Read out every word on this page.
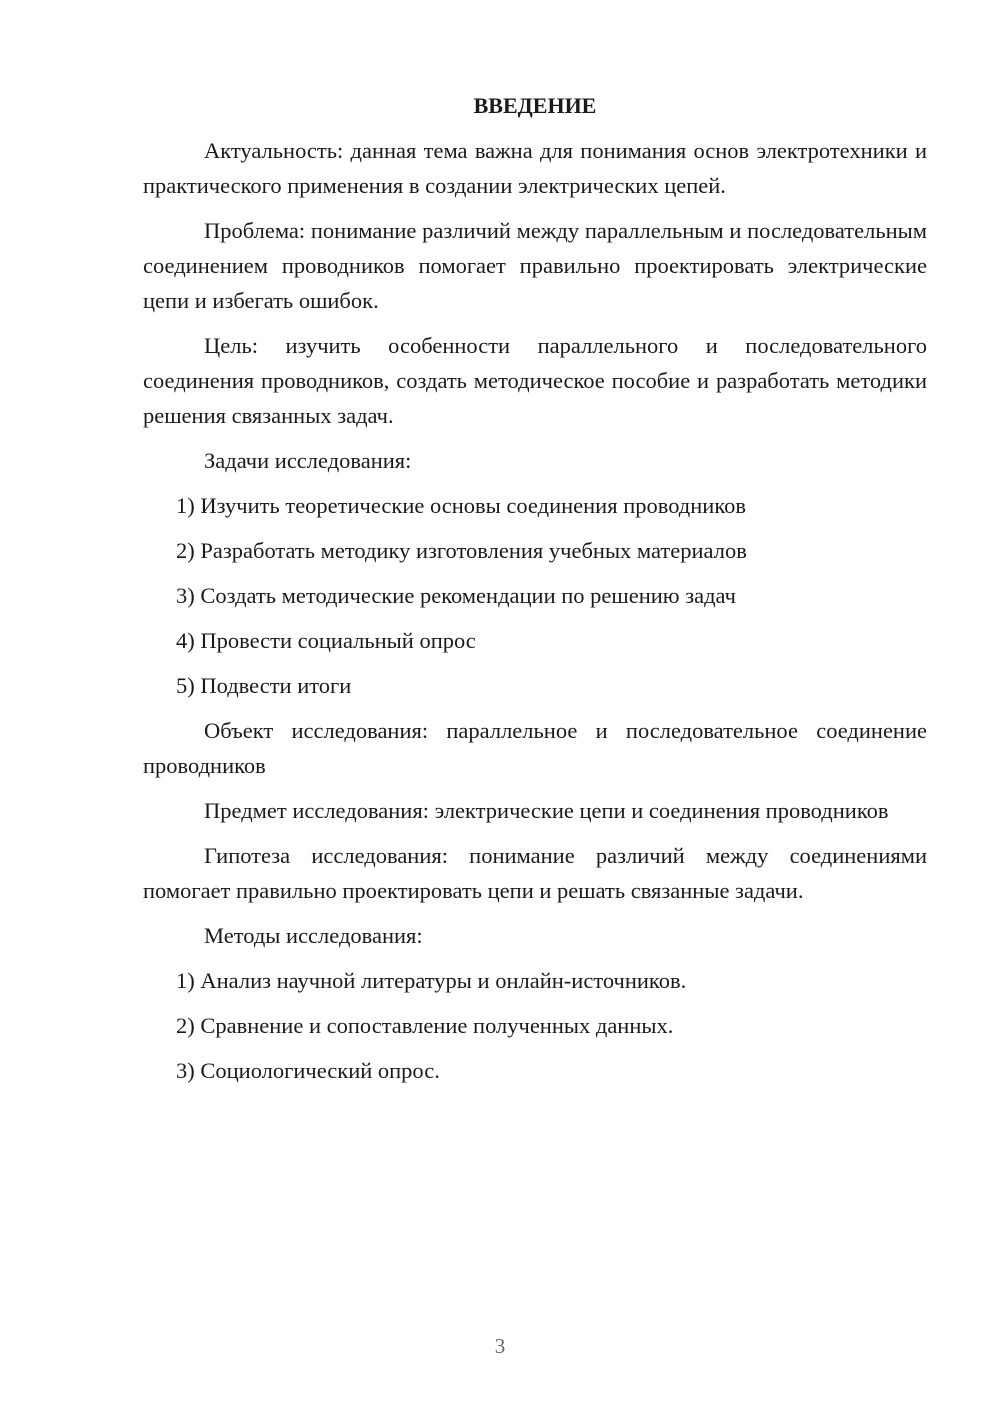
ВВЕДЕНИЕ

Актуальность: данная тема важна для понимания основ электротехники и практического применения в создании электрических цепей.

Проблема: понимание различий между параллельным и последовательным соединением проводников помогает правильно проектировать электрические цепи и избегать ошибок.

Цель: изучить особенности параллельного и последовательного соединения проводников, создать методическое пособие и разработать методики решения связанных задач.

Задачи исследования:

1) Изучить теоретические основы соединения проводников

2) Разработать методику изготовления учебных материалов

3) Создать методические рекомендации по решению задач

4) Провести социальный опрос

5) Подвести итоги

Объект исследования: параллельное и последовательное соединение проводников

Предмет исследования: электрические цепи и соединения проводников

Гипотеза исследования: понимание различий между соединениями помогает правильно проектировать цепи и решать связанные задачи.

Методы исследования:

1) Анализ научной литературы и онлайн-источников.

2) Сравнение и сопоставление полученных данных.

3) Социологический опрос.

3
